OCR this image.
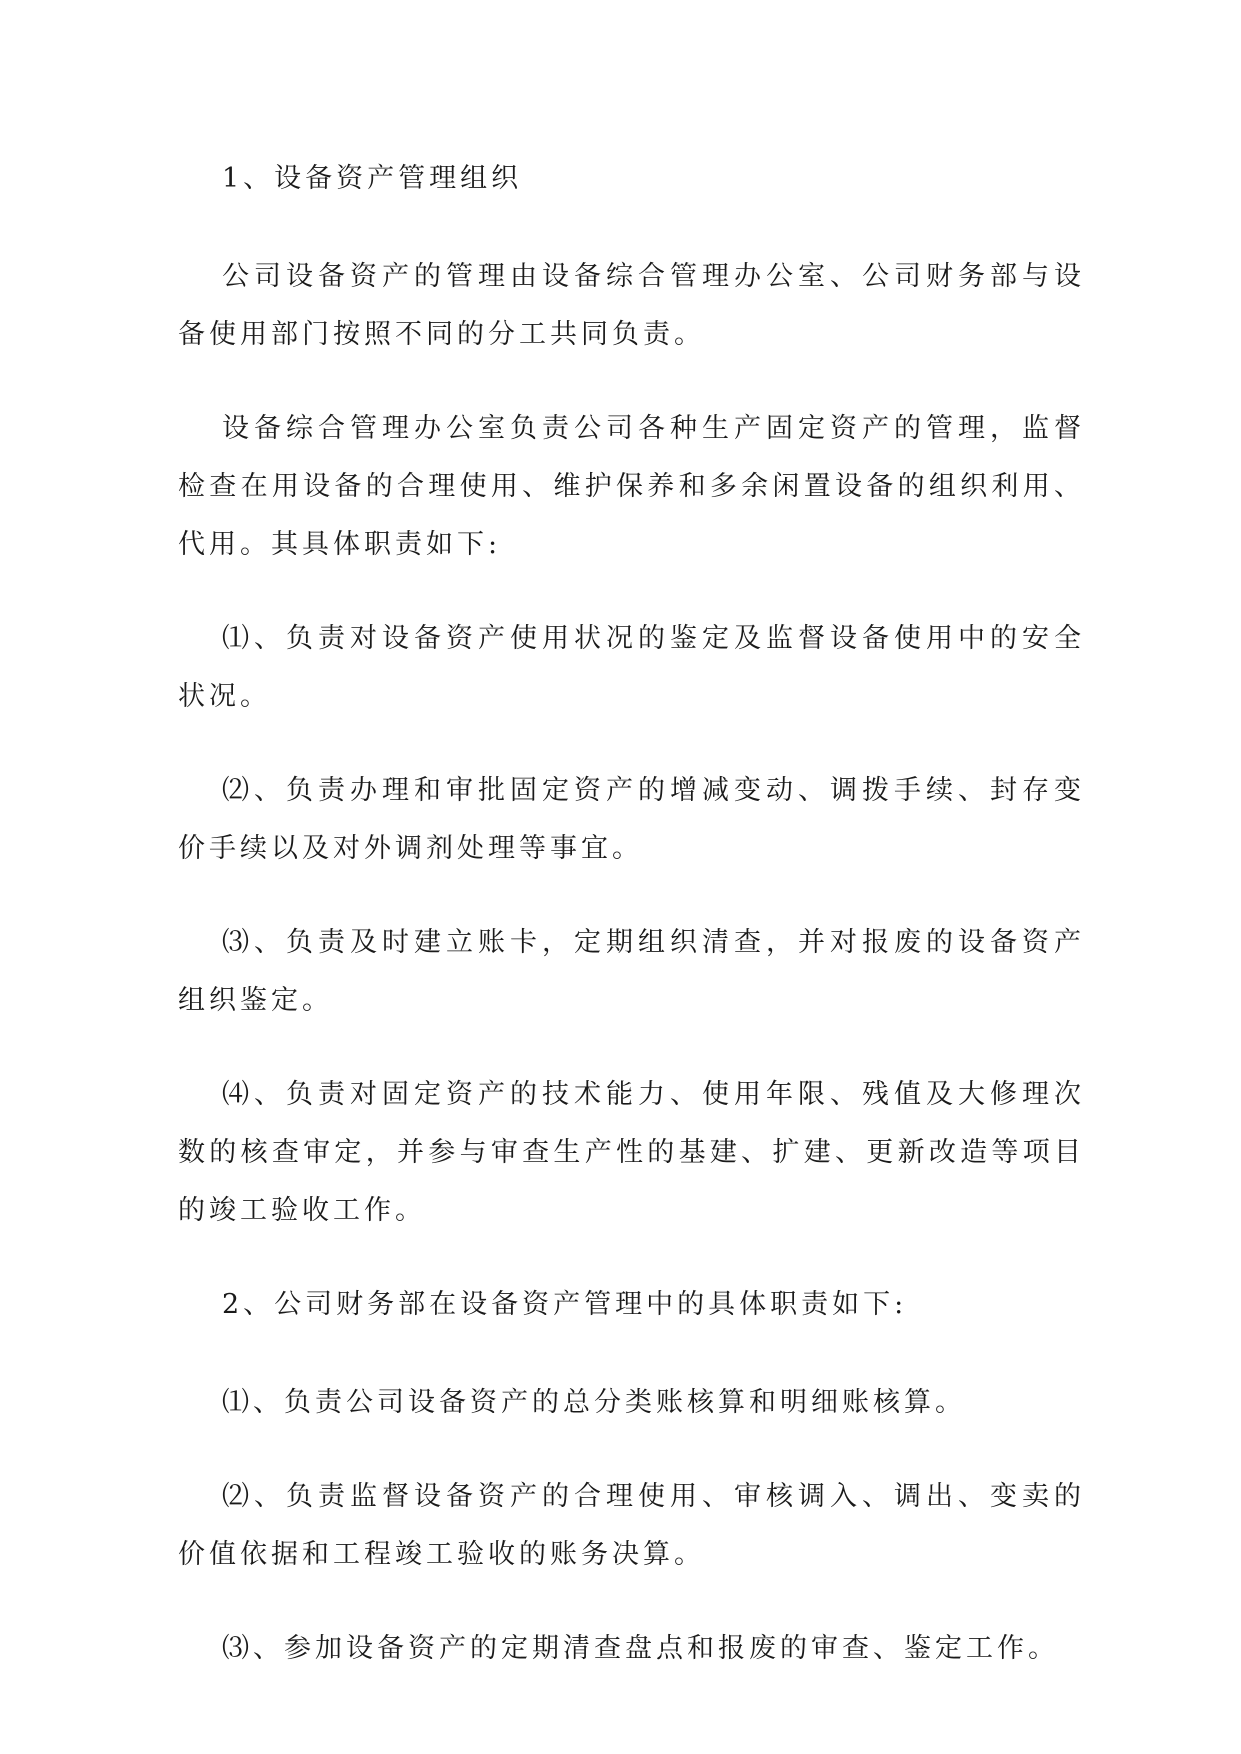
1、设备资产管理组织

公司设备资产的管理由设备综合管理办公室、公司财务部与设备使用部门按照不同的分工共同负责。

设备综合管理办公室负责公司各种生产固定资产的管理，监督检查在用设备的合理使用、维护保养和多余闲置设备的组织利用、代用。其具体职责如下:

⑴、负责对设备资产使用状况的鉴定及监督设备使用中的安全状况。

⑵、负责办理和审批固定资产的增减变动、调拨手续、封存变价手续以及对外调剂处理等事宜。

⑶、负责及时建立账卡，定期组织清查，并对报废的设备资产组织鉴定。

⑷、负责对固定资产的技术能力、使用年限、残值及大修理次数的核查审定，并参与审查生产性的基建、扩建、更新改造等项目的竣工验收工作。

2、公司财务部在设备资产管理中的具体职责如下:

⑴、负责公司设备资产的总分类账核算和明细账核算。

⑵、负责监督设备资产的合理使用、审核调入、调出、变卖的价值依据和工程竣工验收的账务决算。

⑶、参加设备资产的定期清查盘点和报废的审查、鉴定工作。
